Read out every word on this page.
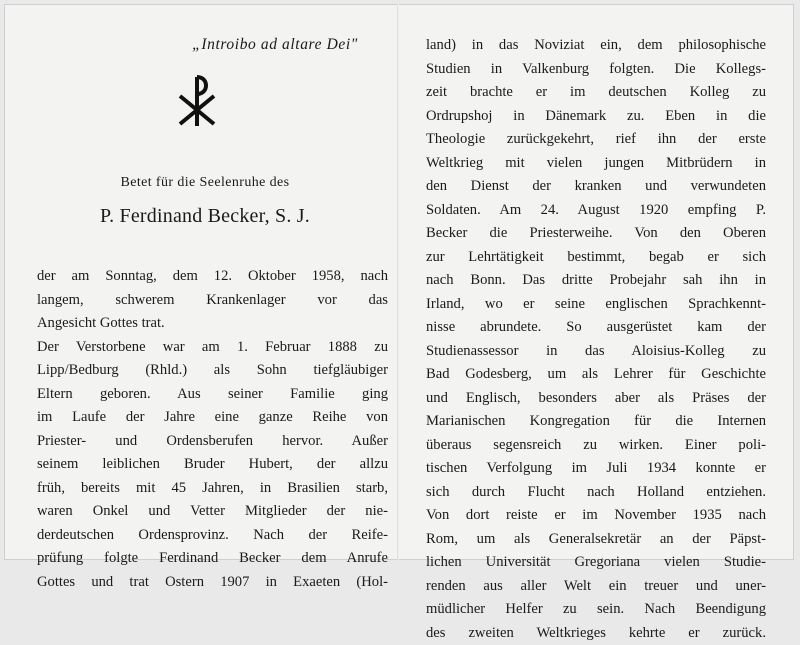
„Introibo ad altare Dei"
Betet für die Seelenruhe des
P. Ferdinand Becker, S. J.
der am Sonntag, dem 12. Oktober 1958, nach
langem, schwerem Krankenlager vor das
Angesicht Gottes trat.
Der Verstorbene war am 1. Februar 1888 zu
Lipp/Bedburg (Rhld.) als Sohn tiefgläubiger
Eltern geboren. Aus seiner Familie ging
im Laufe der Jahre eine ganze Reihe von
Priester- und Ordensberufen hervor. Außer
seinem leiblichen Bruder Hubert, der allzu
früh, bereits mit 45 Jahren, in Brasilien starb,
waren Onkel und Vetter Mitglieder der nie-
derdeutschen Ordensprovinz. Nach der Reife-
prüfung folgte Ferdinand Becker dem Anrufe
Gottes und trat Ostern 1907 in Exaeten (Hol-
land) in das Noviziat ein, dem philosophische
Studien in Valkenburg folgten. Die Kollegs-
zeit brachte er im deutschen Kolleg zu
Ordrupshoj in Dänemark zu. Eben in die
Theologie zurückgekehrt, rief ihn der erste
Weltkrieg mit vielen jungen Mitbrüdern in
den Dienst der kranken und verwundeten
Soldaten. Am 24. August 1920 empfing P.
Becker die Priesterweihe. Von den Oberen
zur Lehrtätigkeit bestimmt, begab er sich
nach Bonn. Das dritte Probejahr sah ihn in
Irland, wo er seine englischen Sprachkennt-
nisse abrundete. So ausgerüstet kam der
Studienassessor in das Aloisius-Kolleg zu
Bad Godesberg, um als Lehrer für Geschichte
und Englisch, besonders aber als Präses der
Marianischen Kongregation für die Internen
überaus segensreich zu wirken. Einer poli-
tischen Verfolgung im Juli 1934 konnte er
sich durch Flucht nach Holland entziehen.
Von dort reiste er im November 1935 nach
Rom, um als Generalsekretär an der Päpst-
lichen Universität Gregoriana vielen Studie-
renden aus aller Welt ein treuer und uner-
müdlicher Helfer zu sein. Nach Beendigung
des zweiten Weltkrieges kehrte er zurück.
